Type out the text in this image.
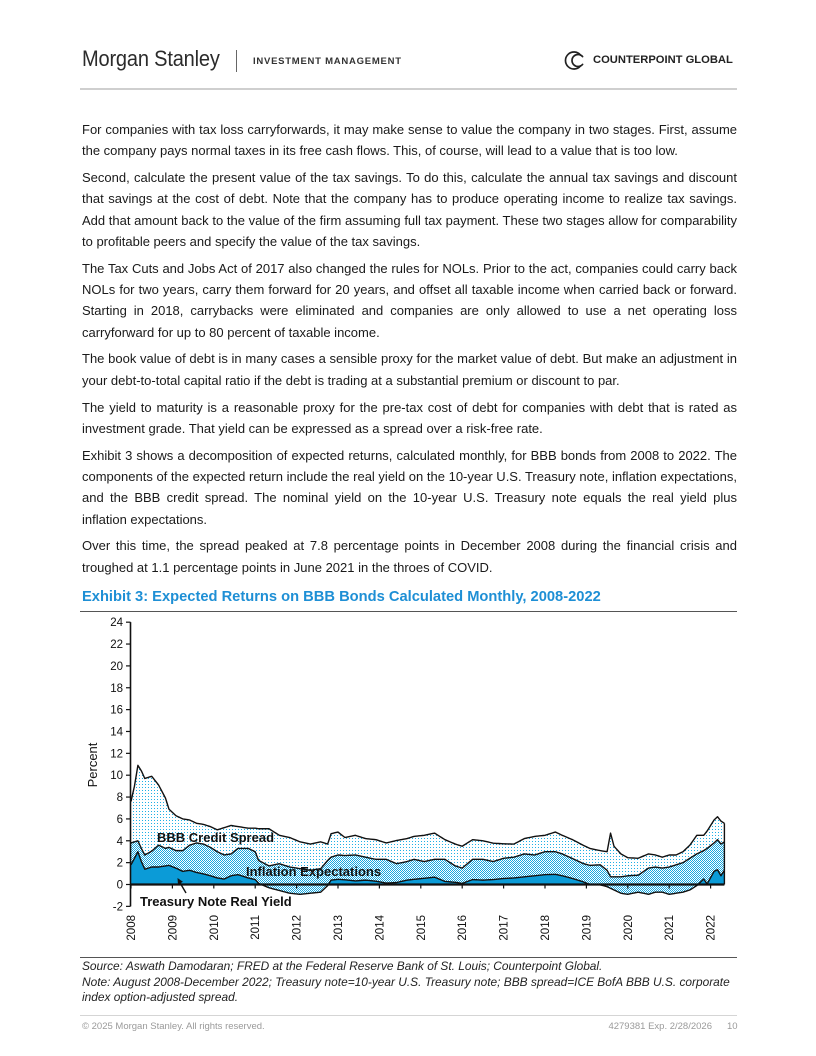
Morgan Stanley	INVESTMENT MANAGEMENT	COUNTERPOINT GLOBAL

For companies with tax loss carryforwards, it may make sense to value the company in two stages. First, assume the company pays normal taxes in its free cash flows. This, of course, will lead to a value that is too low.

Second, calculate the present value of the tax savings. To do this, calculate the annual tax savings and discount that savings at the cost of debt. Note that the company has to produce operating income to realize tax savings. Add that amount back to the value of the firm assuming full tax payment. These two stages allow for comparability to profitable peers and specify the value of the tax savings.

The Tax Cuts and Jobs Act of 2017 also changed the rules for NOLs. Prior to the act, companies could carry back NOLs for two years, carry them forward for 20 years, and offset all taxable income when carried back or forward. Starting in 2018, carrybacks were eliminated and companies are only allowed to use a net operating loss carryforward for up to 80 percent of taxable income.

The book value of debt is in many cases a sensible proxy for the market value of debt. But make an adjustment in your debt-to-total capital ratio if the debt is trading at a substantial premium or discount to par.

The yield to maturity is a reasonable proxy for the pre-tax cost of debt for companies with debt that is rated as investment grade. That yield can be expressed as a spread over a risk-free rate.

Exhibit 3 shows a decomposition of expected returns, calculated monthly, for BBB bonds from 2008 to 2022. The components of the expected return include the real yield on the 10-year U.S. Treasury note, inflation expectations, and the BBB credit spread. The nominal yield on the 10-year U.S. Treasury note equals the real yield plus inflation expectations.

Over this time, the spread peaked at 7.8 percentage points in December 2008 during the financial crisis and troughed at 1.1 percentage points in June 2021 in the throes of COVID.

Exhibit 3: Expected Returns on BBB Bonds Calculated Monthly, 2008-2022
-2
0
2
4
6
8
10
12
14
16
18
20
22
24
2008	2009	2010	2011	2012	2013	2014	2015	2016	2017	2018	2019	2020	2021	2022
BBB Credit Spread
Inflation Expectations
Treasury Note Real Yield
Percent
Source: Aswath Damodaran; FRED at the Federal Reserve Bank of St. Louis; Counterpoint Global.
Note: August 2008-December 2022; Treasury note=10-year U.S. Treasury note; BBB spread=ICE BofA BBB U.S. corporate index option-adjusted spread.
© 2025 Morgan Stanley. All rights reserved.	4279381 Exp. 2/28/2026 10
